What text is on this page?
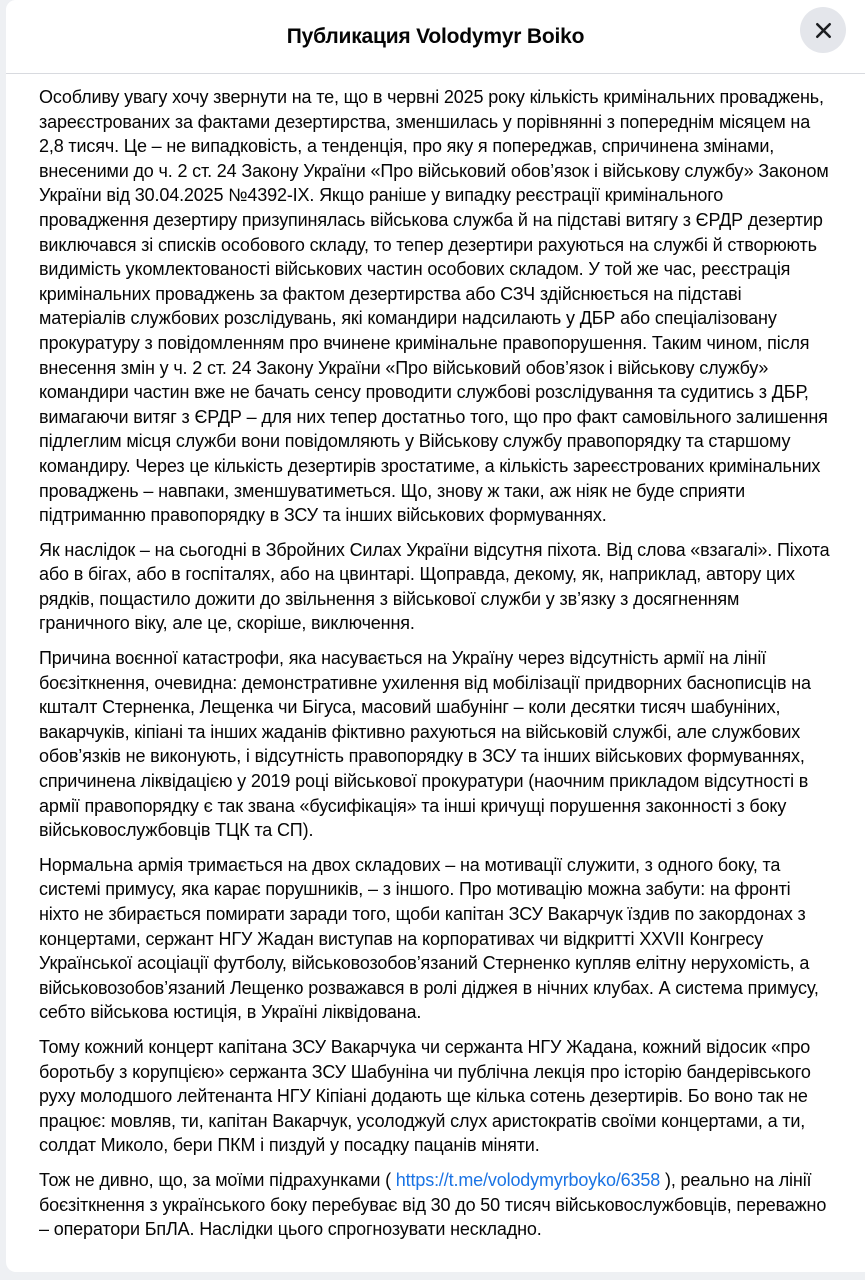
Публикация Volodymyr Boiko

Особливу увагу хочу звернути на те, що в червні 2025 року кількість кримінальних проваджень, зареєстрованих за фактами дезертирства, зменшилась у порівнянні з попереднім місяцем на 2,8 тисяч. Це – не випадковість, а тенденція, про яку я попереджав, спричинена змінами, внесеними до ч. 2 ст. 24 Закону України «Про військовий обов’язок і військову службу» Законом України від 30.04.2025 №4392-ІХ. Якщо раніше у випадку реєстрації кримінального провадження дезертиру призупинялась військова служба й на підставі витягу з ЄРДР дезертир виключався зі списків особового складу, то тепер дезертири рахуються на службі й створюють видимість укомлектованості військових частин особових складом. У той же час, реєстрація кримінальних проваджень за фактом дезертирства або СЗЧ здійснюється на підставі матеріалів службових розслідувань, які командири надсилають у ДБР або спеціалізовану прокуратуру з повідомленням про вчинене кримінальне правопорушення. Таким чином, після внесення змін у ч. 2 ст. 24 Закону України «Про військовий обов’язок і військову службу» командири частин вже не бачать сенсу проводити службові розслідування та судитись з ДБР, вимагаючи витяг з ЄРДР – для них тепер достатньо того, що про факт самовільного залишення підлеглим місця служби вони повідомляють у Військову службу правопорядку та старшому командиру. Через це кількість дезертирів зростатиме, а кількість зареєстрованих кримінальних проваджень – навпаки, зменшуватиметься. Що, знову ж таки, аж ніяк не буде сприяти підтриманню правопорядку в ЗСУ та інших військових формуваннях.

Як наслідок – на сьогодні в Збройних Силах України відсутня піхота. Від слова «взагалі». Піхота або в бігах, або в госпіталях, або на цвинтарі. Щоправда, декому, як, наприклад, автору цих рядків, пощастило дожити до звільнення з військової служби у зв’язку з досягненням граничного віку, але це, скоріше, виключення.

Причина воєнної катастрофи, яка насувається на Україну через відсутність армії на лінії боєзіткнення, очевидна: демонстративне ухилення від мобілізації придворних баснописців на кшталт Стерненка, Лещенка чи Бігуса, масовий шабунінг – коли десятки тисяч шабуніних, вакарчуків, кіпіані та інших жаданів фіктивно рахуються на військовій службі, але службових обов’язків не виконують, і відсутність правопорядку в ЗСУ та інших військових формуваннях, спричинена ліквідацією у 2019 році військової прокуратури (наочним прикладом відсутності в армії правопорядку є так звана «бусифікація» та інші кричущі порушення законності з боку військовослужбовців ТЦК та СП).

Нормальна армія тримається на двох складових – на мотивації служити, з одного боку, та системі примусу, яка карає порушників, – з іншого. Про мотивацію можна забути: на фронті ніхто не збирається помирати заради того, щоби капітан ЗСУ Вакарчук їздив по закордонах з концертами, сержант НГУ Жадан виступав на корпоративах чи відкритті XXVII Конгресу Української асоціації футболу, військовозобов’язаний Стерненко купляв елітну нерухомість, а військовозобов’язаний Лещенко розважався в ролі діджея в нічних клубах. А система примусу, себто військова юстиція, в Україні ліквідована.

Тому кожний концерт капітана ЗСУ Вакарчука чи сержанта НГУ Жадана, кожний відосик «про боротьбу з корупцією» сержанта ЗСУ Шабуніна чи публічна лекція про історію бандерівського руху молодшого лейтенанта НГУ Кіпіані додають ще кілька сотень дезертирів. Бо воно так не працює: мовляв, ти, капітан Вакарчук, усолоджуй слух аристократів своїми концертами, а ти, солдат Миколо, бери ПКМ і пиздуй у посадку пацанів міняти.

Тож не дивно, що, за моїми підрахунками ( https://t.me/volodymyrboyko/6358 ), реально на лінії боєзіткнення з українського боку перебуває від 30 до 50 тисяч військовослужбовців, переважно – оператори БпЛА. Наслідки цього спрогнозувати нескладно.
